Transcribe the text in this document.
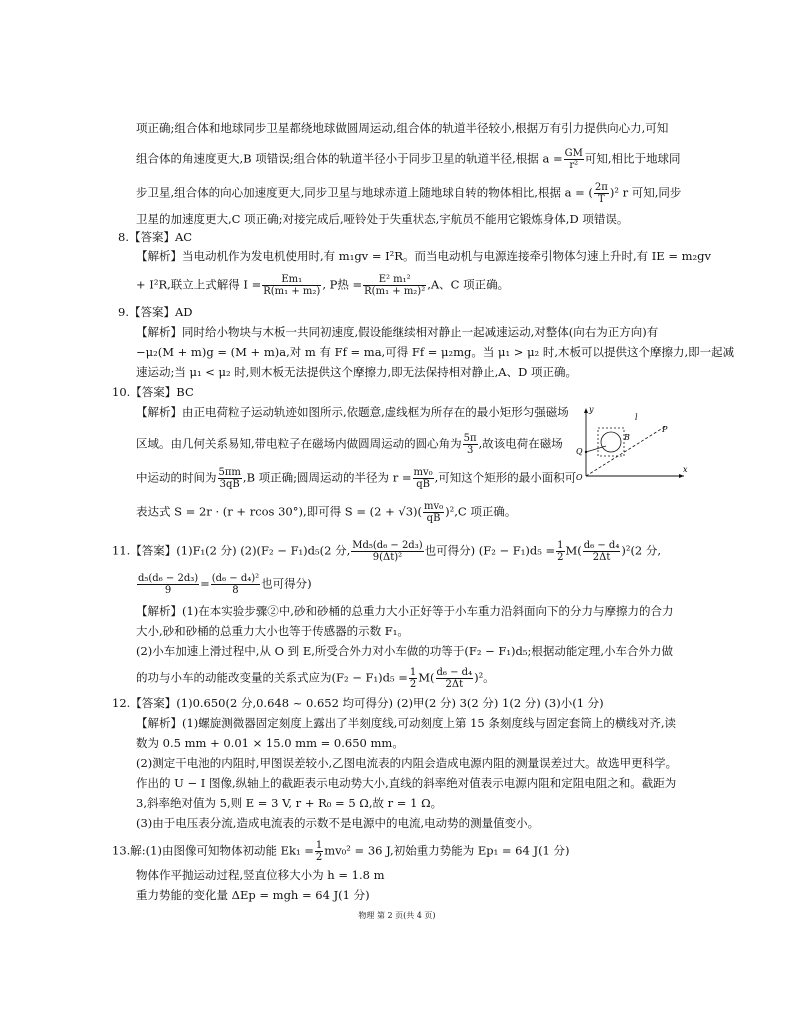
项正确;组合体和地球同步卫星都绕地球做圆周运动,组合体的轨道半径较小,根据万有引力提供向心力,可知
组合体的角速度更大,B 项错误;组合体的轨道半径小于同步卫星的轨道半径,根据 $a = \frac{GM}{\text{r²}}$ 可知,相比于地球同
步卫星,组合体的向心加速度更大,同步卫星与地球赤道上随地球自转的物体相比,根据 a = ( $\frac{2\pi}{T} )^2$ r 可知,同步
卫星的加速度更大,C 项正确;对接完成后,哑铃处于失重状态,宇航员不能用它锻炼身体,D 项错误。
8.【答案】AC
【解析】当电动机作为发电机使用时,有 m₁gv = I²R。而当电动机与电源连接牵引物体匀速上升时,有 IE = m₂gv
+ I²R,联立上式解得 $I = \frac{\text{Em₁}}{\text{R(m₁ + m₂)}}$ , P热 = $\frac{\text{E² m₁²}}{\text{R(m₁ + m₂)²}} ,A$、C 项正确。
9.【答案】AD
【解析】同时给小物块与木板一共同初速度,假设能继续相对静止一起减速运动,对整体(向右为正方向)有
−μ₂(M + m)g = (M + m)a,对 m 有 Ff = ma,可得 Ff = μ₂mg。当 μ₁ > μ₂ 时,木板可以提供这个摩擦力,即一起减
速运动;当 μ₁ < μ₂ 时,则木板无法提供这个摩擦力,即无法保持相对静止,A、D 项正确。
10.【答案】BC
【解析】由正电荷粒子运动轨迹如图所示,依题意,虚线框为所存在的最小矩形匀强磁场
区域。由几何关系易知,带电粒子在磁场内做圆周运动的圆心角为 $\frac{5\pi}{3}$ ,故该电荷在磁场
中运动的时间为 $\frac{5\pi m}{3qB} ,B$ 项正确;圆周运动的半径为 $r = \frac{\text{mv₀}}{qB}$ ,可知这个矩形的最小面积可
表达式 S = 2r · (r + rcos 30°),即可得 $S = (2 + √3)( \frac{\text{mv₀}}{qB} )^2,C$ 项正确。
y
x
O
Q
P
B
l
11.【答案】(1)F₁(2 分) (2)(F₂ − F₁)d₅(2 分, $\frac{\text{Md₅(d₆ − 2d₃)}}{\text{9(Δt)²}}$ 也可得分) $(F_2 - F_1)d_5 = \frac{1}{2} M( \frac{\text{d₆ − d₄}}{2\Delta t} )^2(2$ 分,
$\frac{\text{d₅(d₆ − 2d₃)}}{9} = \frac{\text{(d₆ − d₄)²}}{8}$ 也可得分)
【解析】(1)在本实验步骤②中,砂和砂桶的总重力大小正好等于小车重力沿斜面向下的分力与摩擦力的合力
大小,砂和砂桶的总重力大小也等于传感器的示数 F₁。
(2)小车加速上滑过程中,从 O 到 E,所受合外力对小车做的功等于(F₂ − F₁)d₅;根据动能定理,小车合外力做
的功与小车的动能改变量的关系式应为$(F_2 - F_1)d_5 = \frac{1}{2} M( \frac{\text{d₆ − d₄}}{2\Delta t} )^2$。
12.【答案】(1)0.650(2 分,0.648 ~ 0.652 均可得分) (2)甲(2 分) 3(2 分) 1(2 分) (3)小(1 分)
【解析】(1)螺旋测微器固定刻度上露出了半刻度线,可动刻度上第 15 条刻度线与固定套筒上的横线对齐,读
数为 0.5 mm + 0.01 × 15.0 mm = 0.650 mm。
(2)测定干电池的内阻时,甲图误差较小,乙图电流表的内阻会造成电源内阻的测量误差过大。故选甲更科学。
作出的 U − I 图像,纵轴上的截距表示电动势大小,直线的斜率绝对值表示电源内阻和定阻电阻之和。截距为
3,斜率绝对值为 5,则 E = 3 V, r + R₀ = 5 Ω,故 r = 1 Ω。
(3)由于电压表分流,造成电流表的示数不是电源中的电流,电动势的测量值变小。
13.解:(1)由图像可知物体初动能 $Ek_1 = \frac{1}{2} mv_0^2 = 36$ J,初始重力势能为 Ep₁ = 64 J(1 分)
物体作平抛运动过程,竖直位移大小为 h = 1.8 m
重力势能的变化量 ΔEp = mgh = 64 J(1 分)
物理 第 2 页(共 4 页)
